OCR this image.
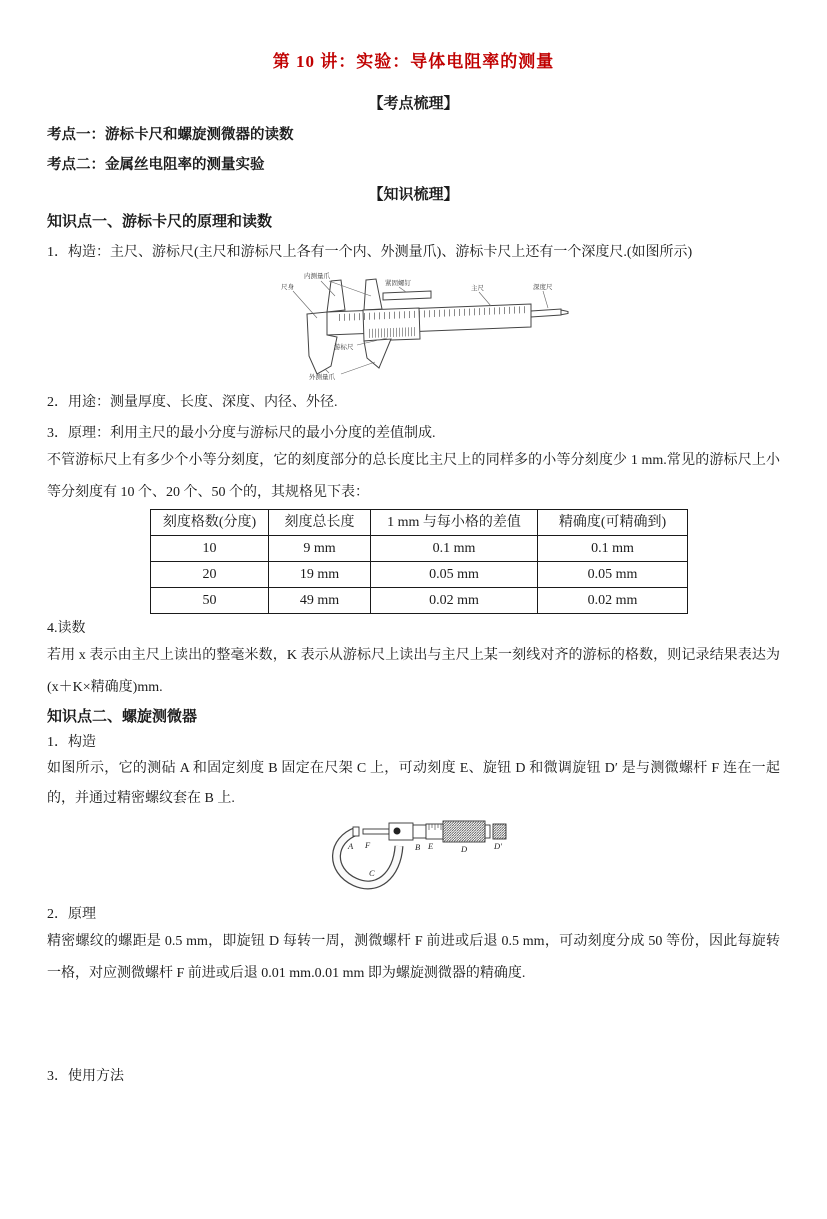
第 10 讲：实验：导体电阻率的测量
【考点梳理】
考点一：游标卡尺和螺旋测微器的读数
考点二：金属丝电阻率的测量实验
【知识梳理】
知识点一、游标卡尺的原理和读数
1．构造：主尺、游标尺(主尺和游标尺上各有一个内、外测量爪)、游标卡尺上还有一个深度尺.(如图所示)
内测量爪
尺身
紧固螺钉
主尺	深度尺
游标尺
外测量爪
2．用途：测量厚度、长度、深度、内径、外径.
3．原理：利用主尺的最小分度与游标尺的最小分度的差值制成.
不管游标尺上有多少个小等分刻度，它的刻度部分的总长度比主尺上的同样多的小等分刻度少 1 mm.常见的游标尺上小等分刻度有 10 个、20 个、50 个的，其规格见下表：
刻度格数(分度)	刻度总长度	1 mm 与每小格的差值	精确度(可精确到)
10	9 mm	0.1 mm	0.1 mm
20	19 mm	0.05 mm	0.05 mm
50	49 mm	0.02 mm	0.02 mm
4.读数
若用 x 表示由主尺上读出的整毫米数，K 表示从游标尺上读出与主尺上某一刻线对齐的游标的格数，则记录结果表达为(x＋K×精确度)mm.
知识点二、螺旋测微器
1．构造
如图所示，它的测砧 A 和固定刻度 B 固定在尺架 C 上，可动刻度 E、旋钮 D 和微调旋钮 D′ 是与测微螺杆 F 连在一起的，并通过精密螺纹套在 B 上.
A F	B E	D	D′
C
2．原理
精密螺纹的螺距是 0.5 mm，即旋钮 D 每转一周，测微螺杆 F 前进或后退 0.5 mm，可动刻度分成 50 等份，因此每旋转一格，对应测微螺杆 F 前进或后退 0.01 mm.0.01 mm 即为螺旋测微器的精确度.
3．使用方法
